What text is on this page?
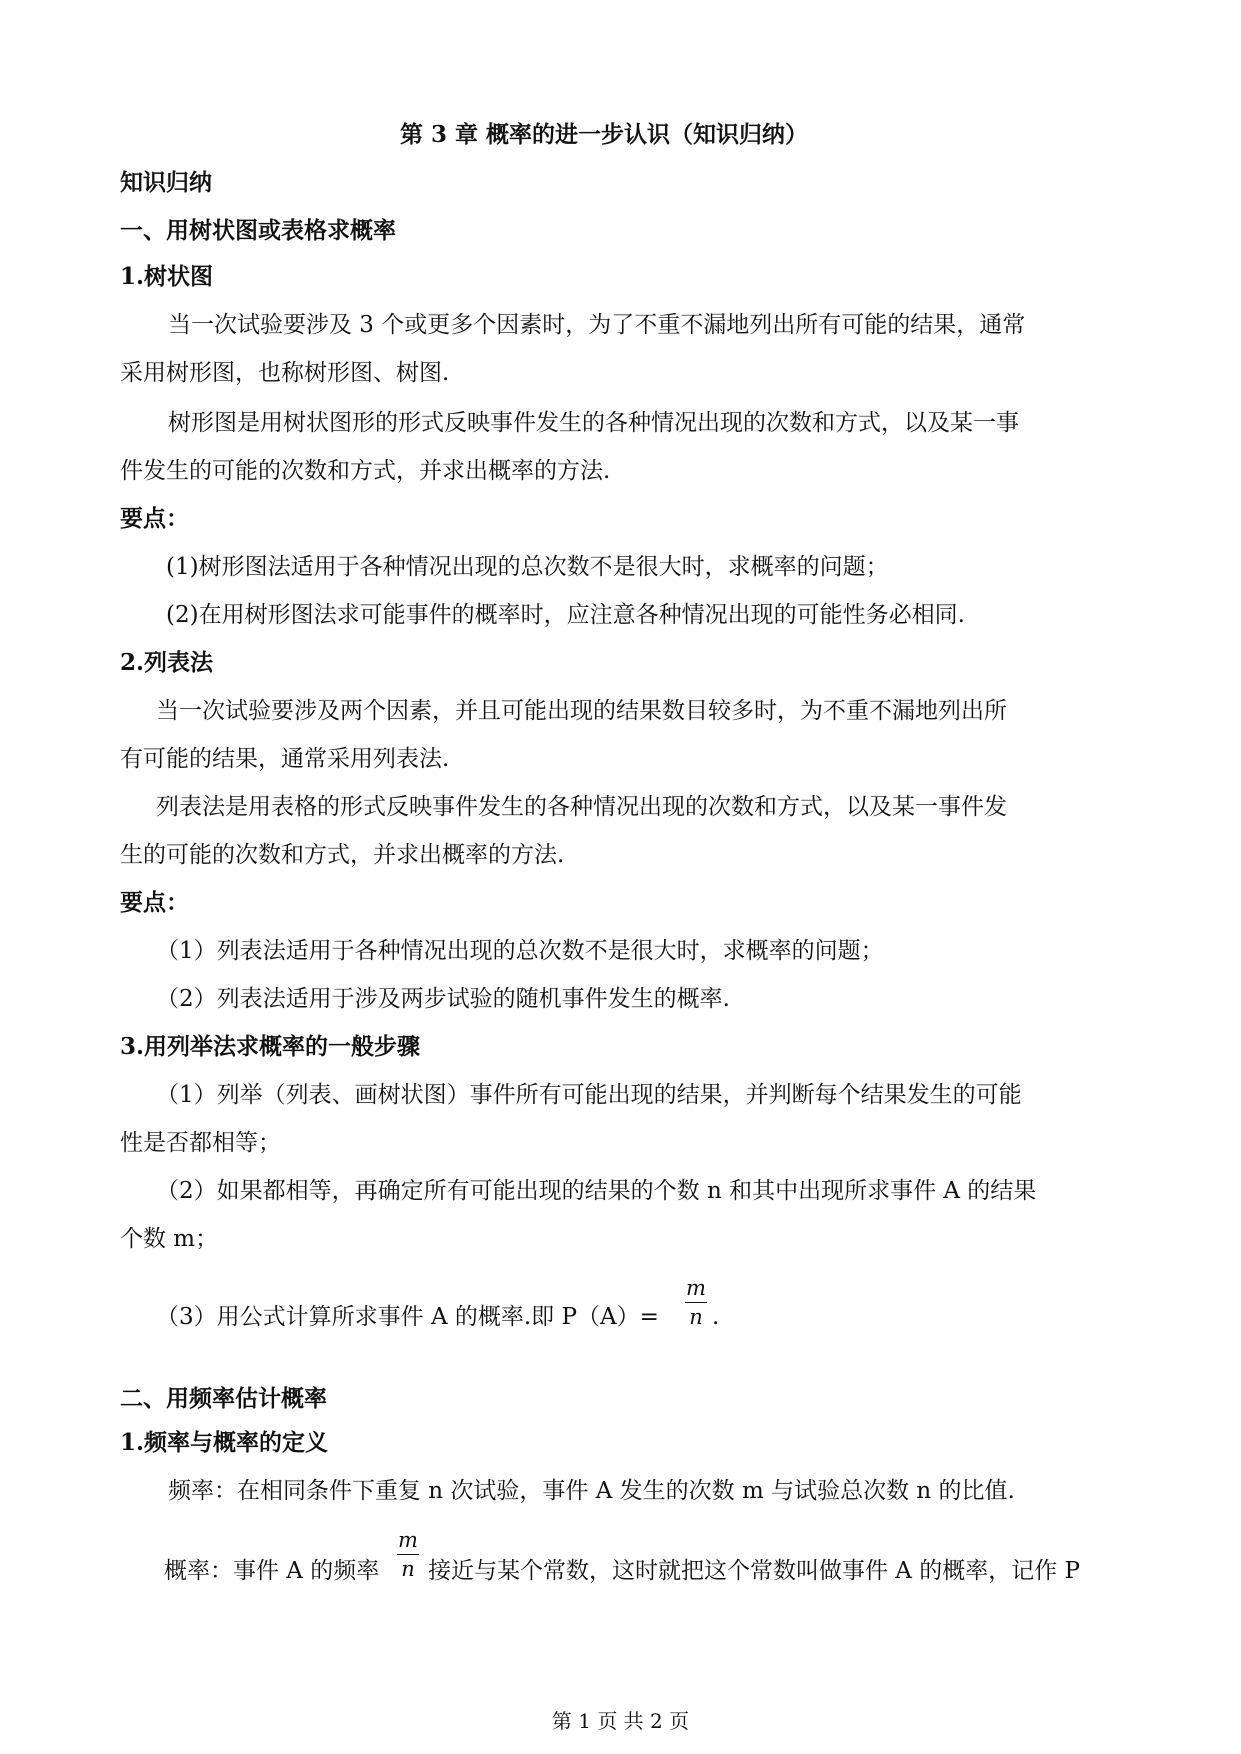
第 3 章 概率的进一步认识（知识归纳）
知识归纳
一、用树状图或表格求概率
1.树状图
当一次试验要涉及 3 个或更多个因素时，为了不重不漏地列出所有可能的结果，通常
采用树形图，也称树形图、树图.
树形图是用树状图形的形式反映事件发生的各种情况出现的次数和方式，以及某一事
件发生的可能的次数和方式，并求出概率的方法.
要点：
(1)树形图法适用于各种情况出现的总次数不是很大时，求概率的问题；
(2)在用树形图法求可能事件的概率时，应注意各种情况出现的可能性务必相同.
2.列表法
当一次试验要涉及两个因素，并且可能出现的结果数目较多时，为不重不漏地列出所
有可能的结果，通常采用列表法.
列表法是用表格的形式反映事件发生的各种情况出现的次数和方式，以及某一事件发
生的可能的次数和方式，并求出概率的方法.
要点：
（1）列表法适用于各种情况出现的总次数不是很大时，求概率的问题；
（2）列表法适用于涉及两步试验的随机事件发生的概率.
3.用列举法求概率的一般步骤
（1）列举（列表、画树状图）事件所有可能出现的结果，并判断每个结果发生的可能
性是否都相等；
（2）如果都相等，再确定所有可能出现的结果的个数 n 和其中出现所求事件 A 的结果
个数 m；
（3）用公式计算所求事件 A 的概率.即 P（A）=
m
n .
二、用频率估计概率
1.频率与概率的定义
频率：在相同条件下重复 n 次试验，事件 A 发生的次数 m 与试验总次数 n 的比值.
概率：事件 A 的频率
m
n 接近与某个常数，这时就把这个常数叫做事件 A 的概率，记作 P
第 1 页 共 2 页
